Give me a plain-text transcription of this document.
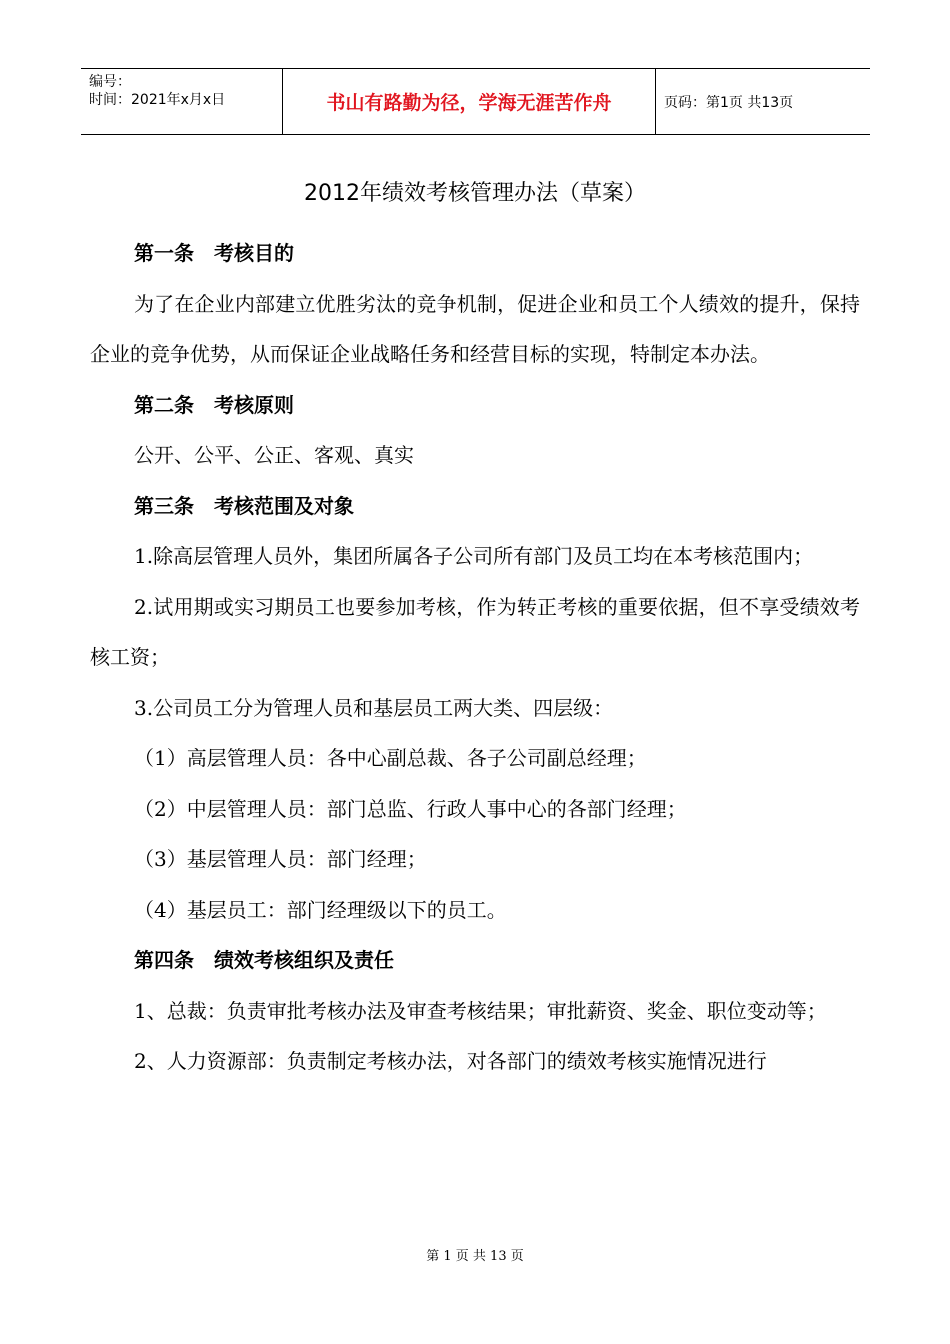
编号：
时间：2021年x月x日	书山有路勤为径，学海无涯苦作舟	页码：第1页 共13页
2012年绩效考核管理办法（草案）

第一条　考核目的

为了在企业内部建立优胜劣汰的竞争机制，促进企业和员工个人绩效的提升，保持企业的竞争优势，从而保证企业战略任务和经营目标的实现，特制定本办法。

第二条　考核原则

公开、公平、公正、客观、真实

第三条　考核范围及对象

1.除高层管理人员外，集团所属各子公司所有部门及员工均在本考核范围内；

2.试用期或实习期员工也要参加考核，作为转正考核的重要依据，但不享受绩效考核工资；

3.公司员工分为管理人员和基层员工两大类、四层级：

（1）高层管理人员：各中心副总裁、各子公司副总经理；

（2）中层管理人员：部门总监、行政人事中心的各部门经理；

（3）基层管理人员：部门经理；

（4）基层员工：部门经理级以下的员工。

第四条　绩效考核组织及责任

1、总裁：负责审批考核办法及审查考核结果；审批薪资、奖金、职位变动等；

2、人力资源部：负责制定考核办法，对各部门的绩效考核实施情况进行

第 1 页 共 13 页
